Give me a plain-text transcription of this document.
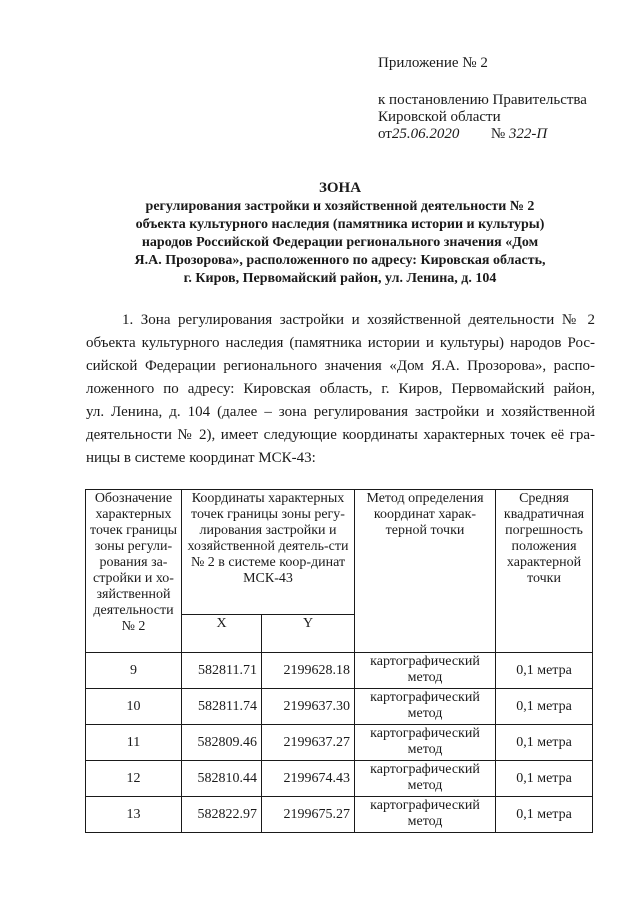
Приложение № 2
к постановлению Правительства
Кировской области
от25.06.2020 № 322-П
ЗОНА
регулирования застройки и хозяйственной деятельности № 2
объекта культурного наследия (памятника истории и культуры)
народов Российской Федерации регионального значения «Дом
Я.А. Прозорова», расположенного по адресу: Кировская область,
г. Киров, Первомайский район, ул. Ленина, д. 104
1. Зона регулирования застройки и хозяйственной деятельности № 2
объекта культурного наследия (памятника истории и культуры) народов Рос-
сийской Федерации регионального значения «Дом Я.А. Прозорова», распо-
ложенного по адресу: Кировская область, г. Киров, Первомайский район,
ул. Ленина, д. 104 (далее – зона регулирования застройки и хозяйственной
деятельности № 2), имеет следующие координаты характерных точек её гра-
ницы в системе координат МСК-43:
Обозначение характерных точек границы зоны регули-рования за-стройки и хо-зяйственной деятельности № 2	Координаты характерных точек границы зоны регу-лирования застройки и хозяйственной деятель-сти № 2 в системе коор-динат МСК-43		Метод определения координат харак-терной точки	Средняя квадратичная погрешность положения характерной точки
	X	Y		
9	582811.71	2199628.18	картографический метод	0,1 метра
10	582811.74	2199637.30	картографический метод	0,1 метра
11	582809.46	2199637.27	картографический метод	0,1 метра
12	582810.44	2199674.43	картографический метод	0,1 метра
13	582822.97	2199675.27	картографический метод	0,1 метра
